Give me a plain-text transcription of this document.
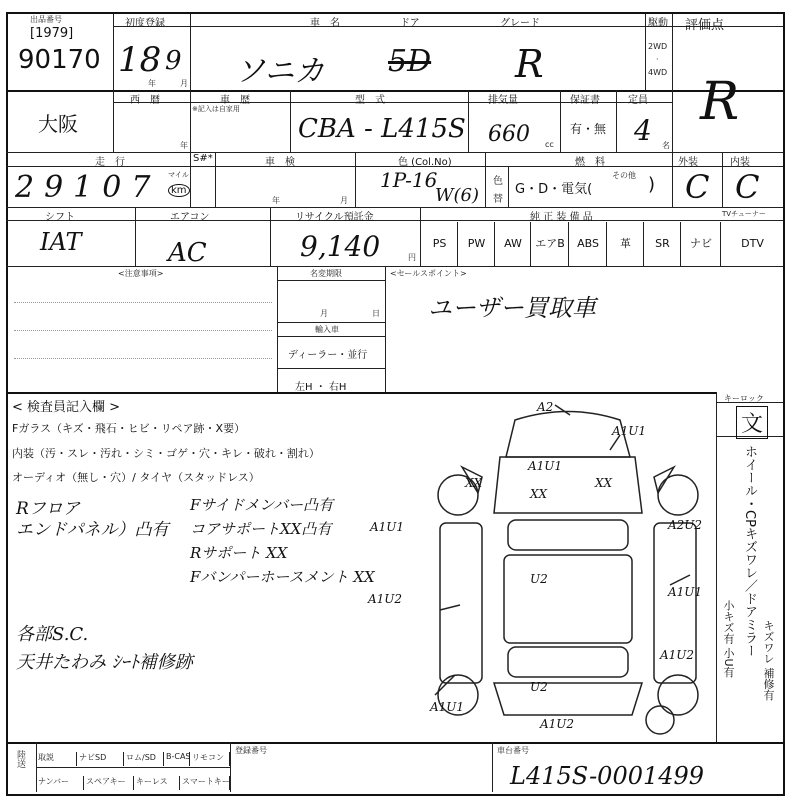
出品番号
[1979]
90170
初度登録
18
年
9
月
車　名
ソニカ
ドア
5D
グレード
R
駆動
2WD
·
4WD
評価点
R
大阪
西　暦
年
車　歴
※記入は自家用
型　式
CBA - L415S
排気量
660 cc
保証書
有・無
定員
4 名
走　行
29107 マイル
km
S#*	車　検
年	月
色 (Col.No)
1P-16
W(6)
色
替
燃　料
G・D・電気(
その他 )
外装
C
内装
C
シフト
IAT
エアコン
AC
リサイクル預託金
9,140	円
純 正 装 備 品	TVチューナー
PS	PW	AW	エアB	ABS	革	SR	ナビ	DTV
<注意事項>	名変期限
月	日
輸入車
ディーラー・並行
左H ・ 右H
<セールスポイント>
ユーザー買取車
< 検査員記入欄 >
Fガラス（キズ・飛石・ヒビ・リペア跡・X要）
内装（汚・スレ・汚れ・シミ・ゴゲ・穴・キレ・破れ・割れ）
オーディオ（無し・穴）/ タイヤ（スタッドレス）
Rフロア
エンドパネル）凸有
Fサイドメンバー凸有
コアサポートXX凸有
Rサポート XX
Fバンパーホースメント XX
各部S.C.
天井たわみ ｼｰﾄ補修跡
A2
A1U1
A1U1
XX
XX
XX
A1U1	A2U2
A1U2
U2
A1U1
A1U2
A1U1
U2
A1U2
キーロック
文
ホイール・CPキズワレ／ドアミラー
小キズ有 小U有 キズワレ 補修有
陸送 取説	ナビSD	ロム/SD	B-CAS リモコン
ナンバー	スペアキー	キーレス	スマートキー
登録番号	車台番号
L415S-0001499
